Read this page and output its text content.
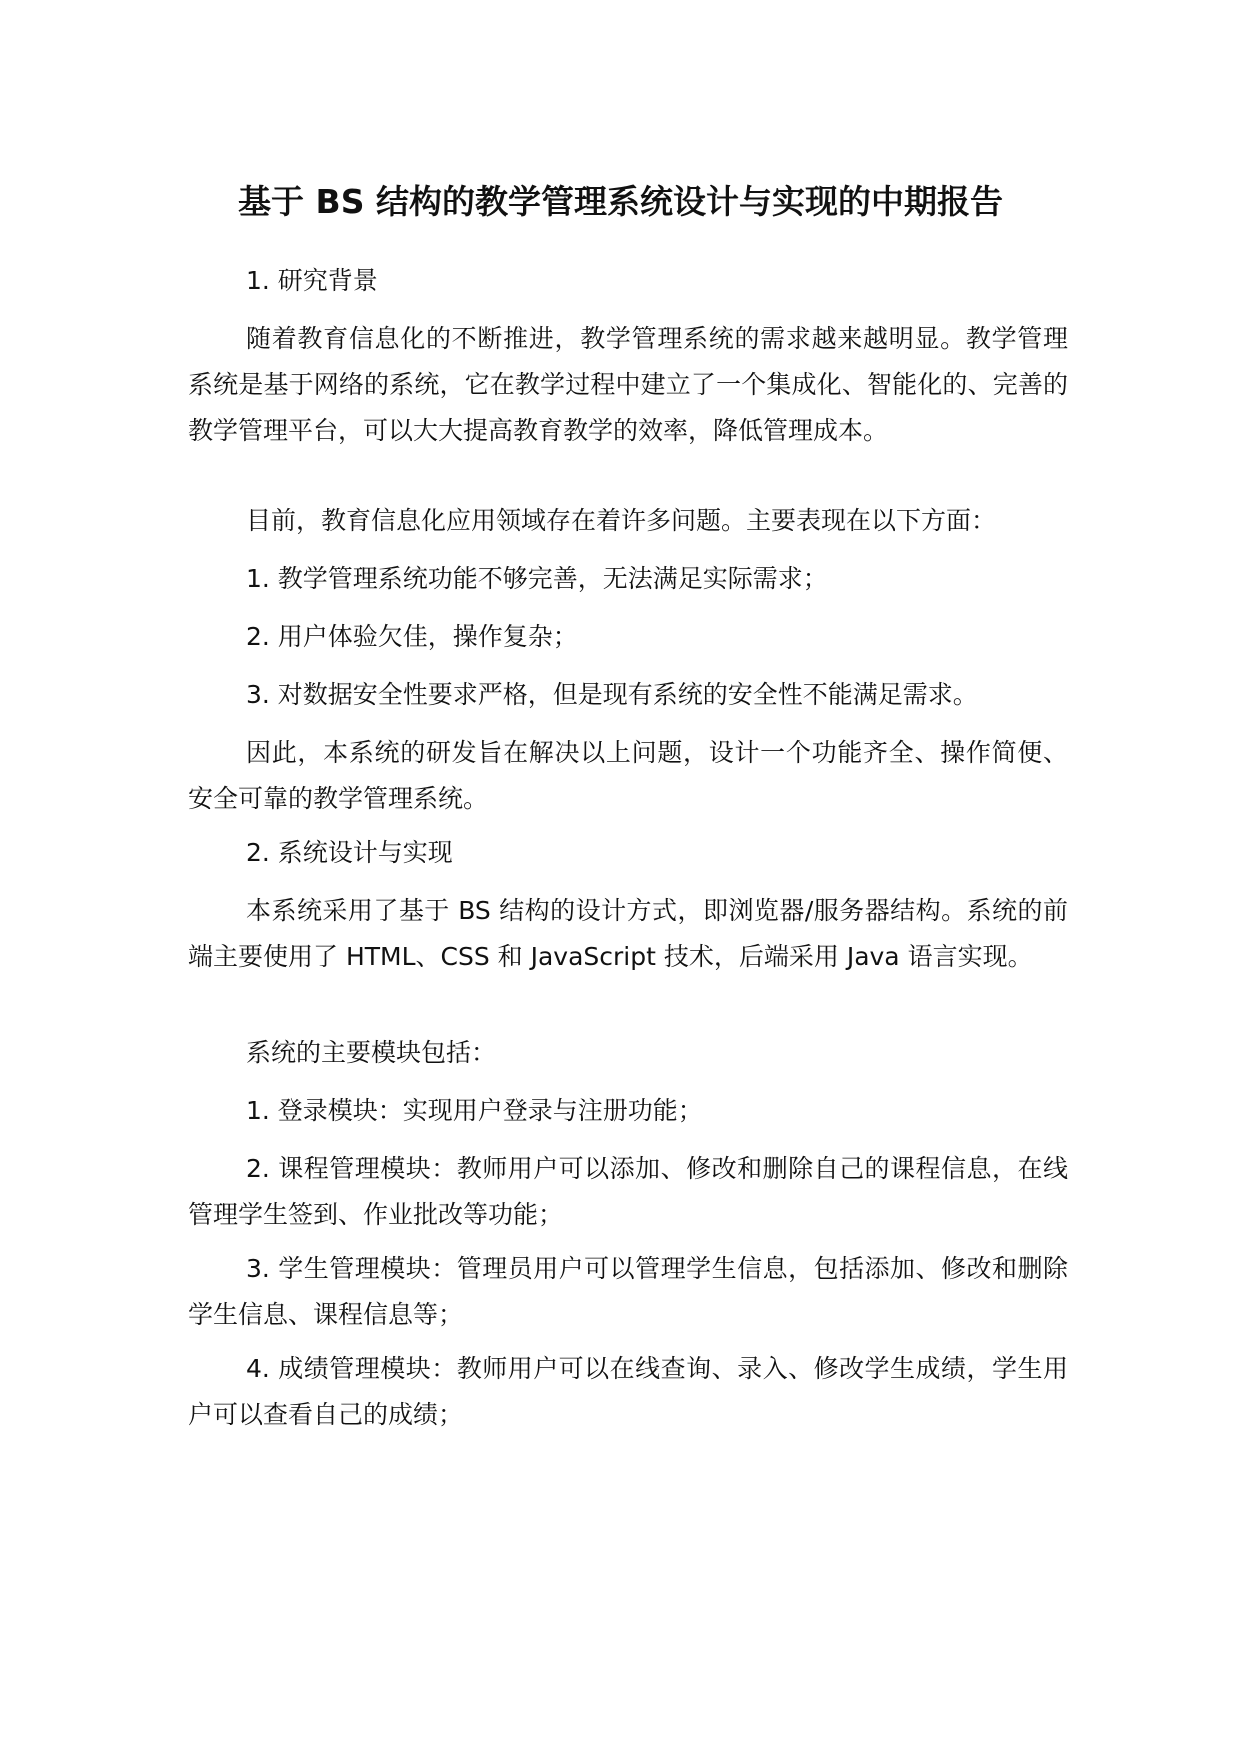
基于 BS 结构的教学管理系统设计与实现的中期报告

1. 研究背景

随着教育信息化的不断推进，教学管理系统的需求越来越明显。教学管理系统是基于网络的系统，它在教学过程中建立了一个集成化、智能化的、完善的教学管理平台，可以大大提高教育教学的效率，降低管理成本。

目前，教育信息化应用领域存在着许多问题。主要表现在以下方面：

1. 教学管理系统功能不够完善，无法满足实际需求；

2. 用户体验欠佳，操作复杂；

3. 对数据安全性要求严格，但是现有系统的安全性不能满足需求。

因此，本系统的研发旨在解决以上问题，设计一个功能齐全、操作简便、安全可靠的教学管理系统。

2. 系统设计与实现

本系统采用了基于 BS 结构的设计方式，即浏览器/服务器结构。系统的前端主要使用了 HTML、CSS 和 JavaScript 技术，后端采用 Java 语言实现。

系统的主要模块包括：

1. 登录模块：实现用户登录与注册功能；

2. 课程管理模块：教师用户可以添加、修改和删除自己的课程信息，在线管理学生签到、作业批改等功能；

3. 学生管理模块：管理员用户可以管理学生信息，包括添加、修改和删除学生信息、课程信息等；

4. 成绩管理模块：教师用户可以在线查询、录入、修改学生成绩，学生用户可以查看自己的成绩；
